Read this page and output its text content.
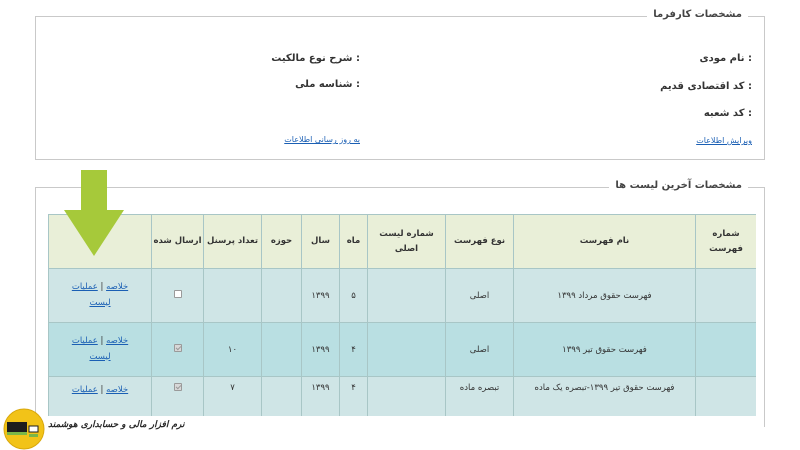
مشخصات کارفرما
نام مودی :
شرح نوع مالکیت :
کد اقتصادی قدیم :
شناسه ملی :
کد شعبه :
ویرایش اطلاعات
به روز رسانی اطلاعات
مشخصات آخرین لیست ها
شماره فهرست	نام فهرست	نوع فهرست	شماره لیست اصلی	ماه	سال	حوزه	تعداد پرسنل	ارسال شده	
	فهرست حقوق مرداد ۱۳۹۹	اصلی		۵	۱۳۹۹				خلاصه | عملیات
لیست
	فهرست حقوق تیر ۱۳۹۹	اصلی		۴	۱۳۹۹		۱۰		خلاصه | عملیات
لیست
	فهرست حقوق تیر ۱۳۹۹-تبصره یک ماده	تبصره ماده		۴	۱۳۹۹		۷		خلاصه | عملیات
نرم افزار مالی و حسابداری هوشمند
